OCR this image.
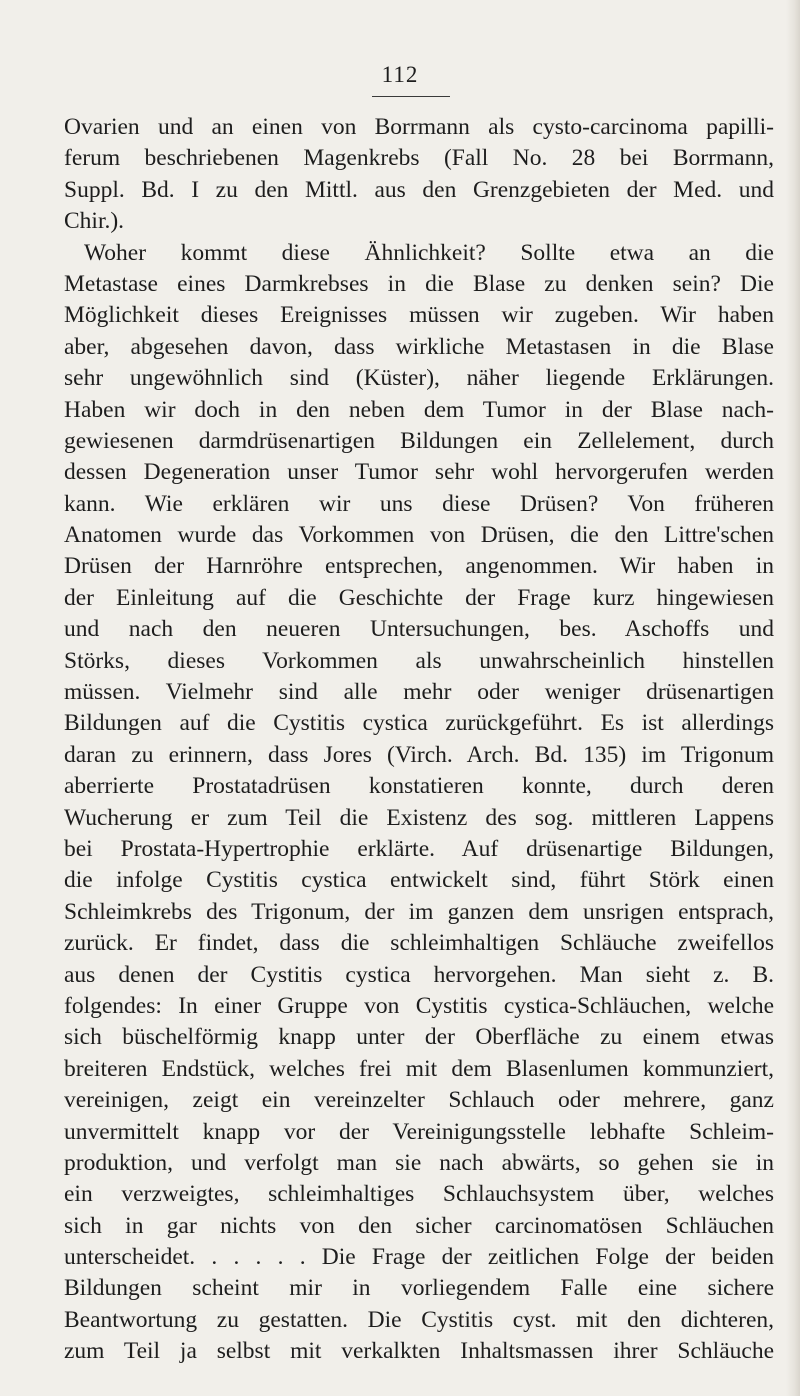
112
Ovarien und an einen von Borrmann als cysto-carcinoma papilli-
ferum beschriebenen Magenkrebs (Fall No. 28 bei Borrmann,
Suppl. Bd. I zu den Mittl. aus den Grenzgebieten der Med. und
Chir.).
Woher kommt diese Ähnlichkeit? Sollte etwa an die
Metastase eines Darmkrebses in die Blase zu denken sein? Die
Möglichkeit dieses Ereignisses müssen wir zugeben. Wir haben
aber, abgesehen davon, dass wirkliche Metastasen in die Blase
sehr ungewöhnlich sind (Küster), näher liegende Erklärungen.
Haben wir doch in den neben dem Tumor in der Blase nach-
gewiesenen darmdrüsenartigen Bildungen ein Zellelement, durch
dessen Degeneration unser Tumor sehr wohl hervorgerufen werden
kann. Wie erklären wir uns diese Drüsen? Von früheren
Anatomen wurde das Vorkommen von Drüsen, die den Littre'schen
Drüsen der Harnröhre entsprechen, angenommen. Wir haben in
der Einleitung auf die Geschichte der Frage kurz hingewiesen
und nach den neueren Untersuchungen, bes. Aschoffs und
Störks, dieses Vorkommen als unwahrscheinlich hinstellen
müssen. Vielmehr sind alle mehr oder weniger drüsenartigen
Bildungen auf die Cystitis cystica zurückgeführt. Es ist allerdings
daran zu erinnern, dass Jores (Virch. Arch. Bd. 135) im Trigonum
aberrierte Prostatadrüsen konstatieren konnte, durch deren
Wucherung er zum Teil die Existenz des sog. mittleren Lappens
bei Prostata-Hypertrophie erklärte. Auf drüsenartige Bildungen,
die infolge Cystitis cystica entwickelt sind, führt Störk einen
Schleimkrebs des Trigonum, der im ganzen dem unsrigen entsprach,
zurück. Er findet, dass die schleimhaltigen Schläuche zweifellos
aus denen der Cystitis cystica hervorgehen. Man sieht z. B.
folgendes: In einer Gruppe von Cystitis cystica-Schläuchen, welche
sich büschelförmig knapp unter der Oberfläche zu einem etwas
breiteren Endstück, welches frei mit dem Blasenlumen kommunziert,
vereinigen, zeigt ein vereinzelter Schlauch oder mehrere, ganz
unvermittelt knapp vor der Vereinigungsstelle lebhafte Schleim-
produktion, und verfolgt man sie nach abwärts, so gehen sie in
ein verzweigtes, schleimhaltiges Schlauchsystem über, welches
sich in gar nichts von den sicher carcinomatösen Schläuchen
unterscheidet. . . . . . Die Frage der zeitlichen Folge der beiden
Bildungen scheint mir in vorliegendem Falle eine sichere
Beantwortung zu gestatten. Die Cystitis cyst. mit den dichteren,
zum Teil ja selbst mit verkalkten Inhaltsmassen ihrer Schläuche
